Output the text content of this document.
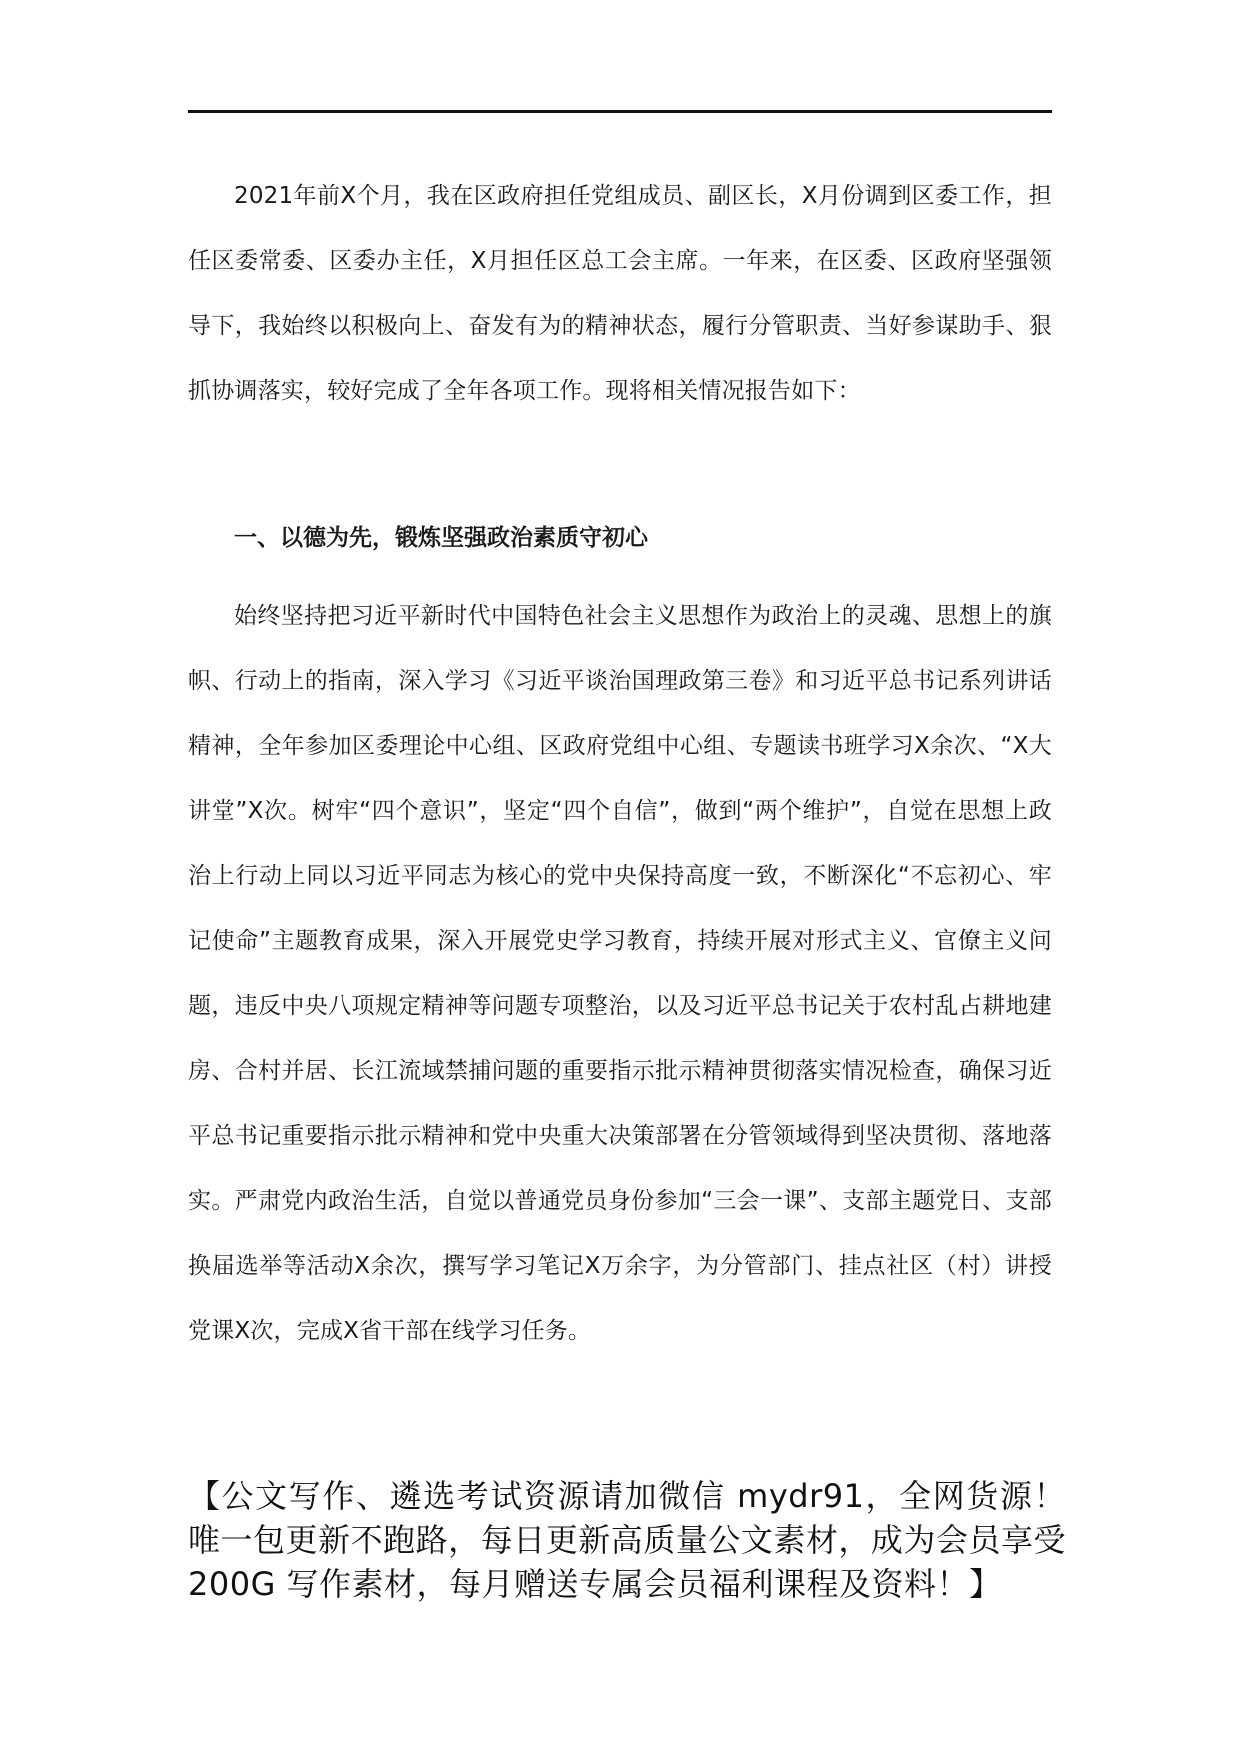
2021年前X个月，我在区政府担任党组成员、副区长，X月份调到区委工作，担任区委常委、区委办主任，X月担任区总工会主席。一年来，在区委、区政府坚强领导下，我始终以积极向上、奋发有为的精神状态，履行分管职责、当好参谋助手、狠抓协调落实，较好完成了全年各项工作。现将相关情况报告如下：

一、以德为先，锻炼坚强政治素质守初心

始终坚持把习近平新时代中国特色社会主义思想作为政治上的灵魂、思想上的旗帜、行动上的指南，深入学习《习近平谈治国理政第三卷》和习近平总书记系列讲话精神，全年参加区委理论中心组、区政府党组中心组、专题读书班学习X余次、“X大讲堂”X次。树牢“四个意识”，坚定“四个自信”，做到“两个维护”，自觉在思想上政治上行动上同以习近平同志为核心的党中央保持高度一致，不断深化“不忘初心、牢记使命”主题教育成果，深入开展党史学习教育，持续开展对形式主义、官僚主义问题，违反中央八项规定精神等问题专项整治，以及习近平总书记关于农村乱占耕地建房、合村并居、长江流域禁捕问题的重要指示批示精神贯彻落实情况检查，确保习近平总书记重要指示批示精神和党中央重大决策部署在分管领域得到坚决贯彻、落地落实。严肃党内政治生活，自觉以普通党员身份参加“三会一课”、支部主题党日、支部换届选举等活动X余次，撰写学习笔记X万余字，为分管部门、挂点社区（村）讲授党课X次，完成X省干部在线学习任务。

【公文写作、遴选考试资源请加微信 mydr91，全网货源！唯一包更新不跑路，每日更新高质量公文素材，成为会员享受 200G 写作素材，每月赠送专属会员福利课程及资料！】
